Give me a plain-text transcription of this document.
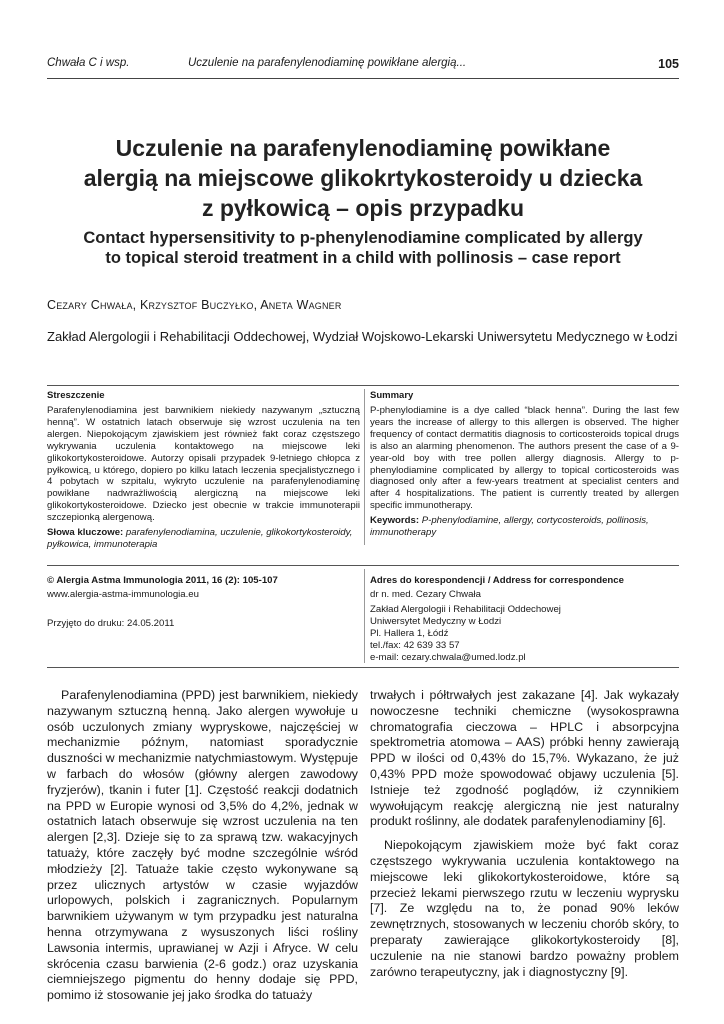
Chwała C i wsp.	Uczulenie na parafenylenodiaminę powikłane alergią...	105
Uczulenie na parafenylenodiaminę powikłane
alergią na miejscowe glikokrtykosteroidy u dziecka
z pyłkowicą – opis przypadku
Contact hypersensitivity to p-phenylenodiamine complicated by allergy
to topical steroid treatment in a child with pollinosis – case report
Cezary Chwała, Krzysztof Buczyłko, Aneta Wagner
Zakład Alergologii i Rehabilitacji Oddechowej, Wydział Wojskowo-Lekarski Uniwersytetu Medycznego w Łodzi
Streszczenie
Parafenylenodiamina jest barwnikiem niekiedy nazywanym „sztuczną henną”. W ostatnich latach obserwuje się wzrost uczulenia na ten alergen. Niepokojącym zjawiskiem jest również fakt coraz częstszego wykrywania uczulenia kontaktowego na miejscowe leki glikokortykosteroidowe. Autorzy opisali przypadek 9-letniego chłopca z pyłkowicą, u którego, dopiero po kilku latach leczenia specjalistycznego i 4 pobytach w szpitalu, wykryto uczulenie na parafenylenodiaminę powikłane nadwrażliwością alergiczną na miejscowe leki glikokortykosteroidowe. Dziecko jest obecnie w trakcie immunoterapii szczepionką alergenową.
Słowa kluczowe: parafenylenodiamina, uczulenie, glikokortykosteroidy, pyłkowica, immunoterapia
Summary
P-phenylodiamine is a dye called “black henna”. During the last few years the increase of allergy to this allergen is observed. The higher frequency of contact dermatitis diagnosis to corticosteroids topical drugs is also an alarming phenomenon. The authors present the case of a 9-year-old boy with tree pollen allergy diagnosis. Allergy to p-phenylodiamine complicated by allergy to topical corticosteroids was diagnosed only after a few-years treatment at specialist centers and after 4 hospitalizations. The patient is currently treated by allergen specific immunotherapy.
Keywords: P-phenylodiamine, allergy, cortycosteroids, pollinosis, immunotherapy
© Alergia Astma Immunologia 2011, 16 (2): 105-107
www.alergia-astma-immunologia.eu
Przyjęto do druku: 24.05.2011
Adres do korespondencji / Address for correspondence
dr n. med. Cezary Chwała
Zakład Alergologii i Rehabilitacji Oddechowej
Uniwersytet Medyczny w Łodzi
Pl. Hallera 1, Łódź
tel./fax: 42 639 33 57
e-mail: cezary.chwala@umed.lodz.pl

Parafenylenodiamina (PPD) jest barwnikiem, niekiedy nazywanym sztuczną henną. Jako alergen wywołuje u osób uczulonych zmiany wypryskowe, najczęściej w mechanizmie późnym, natomiast sporadycznie duszności w mechanizmie natychmiastowym. Występuje w farbach do włosów (główny alergen zawodowy fryzjerów), tkanin i futer [1]. Częstość reakcji dodatnich na PPD w Europie wynosi od 3,5% do 4,2%, jednak w ostatnich latach obserwuje się wzrost uczulenia na ten alergen [2,3]. Dzieje się to za sprawą tzw. wakacyjnych tatuaży, które zaczęły być modne szczególnie wśród młodzieży [2]. Tatuaże takie często wykonywane są przez ulicznych artystów w czasie wyjazdów urlopowych, polskich i zagranicznych. Popularnym barwnikiem używanym w tym przypadku jest naturalna henna otrzymywana z wysuszonych liści rośliny Lawsonia intermis, uprawianej w Azji i Afryce. W celu skrócenia czasu barwienia (2-6 godz.) oraz uzyskania ciemniejszego pigmentu do henny dodaje się PPD, pomimo iż stosowanie jej jako środka do tatuaży

trwałych i półtrwałych jest zakazane [4]. Jak wykazały nowoczesne techniki chemiczne (wysokosprawna chromatografia cieczowa – HPLC i absorpcyjna spektrometria atomowa – AAS) próbki henny zawierają PPD w ilości od 0,43% do 15,7%. Wykazano, że już 0,43% PPD może spowodować objawy uczulenia [5]. Istnieje też zgodność poglądów, iż czynnikiem wywołującym reakcję alergiczną nie jest naturalny produkt roślinny, ale dodatek parafenylenodiaminy [6].

Niepokojącym zjawiskiem może być fakt coraz częstszego wykrywania uczulenia kontaktowego na miejscowe leki glikokortykosteroidowe, które są przecież lekami pierwszego rzutu w leczeniu wyprysku [7]. Ze względu na to, że ponad 90% leków zewnętrznych, stosowanych w leczeniu chorób skóry, to preparaty zawierające glikokortykosteroidy [8], uczulenie na nie stanowi bardzo poważny problem zarówno terapeutyczny, jak i diagnostyczny [9].
